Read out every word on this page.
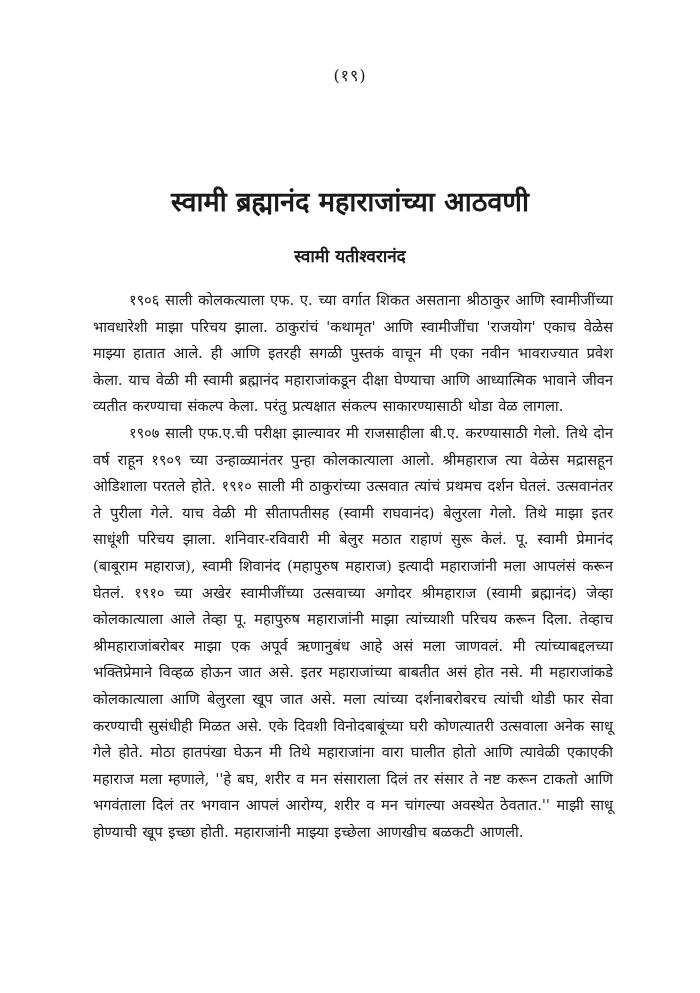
(१९)
स्वामी ब्रह्मानंद महाराजांच्या आठवणी
स्वामी यतीश्वरानंद

१९०६ साली कोलकत्याला एफ. ए. च्या वर्गात शिकत असताना श्रीठाकुर आणि स्वामीजींच्या भावधारेशी माझा परिचय झाला. ठाकुरांचं 'कथामृत' आणि स्वामीजींचा 'राजयोग' एकाच वेळेस माझ्या हातात आले. ही आणि इतरही सगळी पुस्तकं वाचून मी एका नवीन भावराज्यात प्रवेश केला. याच वेळी मी स्वामी ब्रह्मानंद महाराजांकडून दीक्षा घेण्याचा आणि आध्यात्मिक भावाने जीवन व्यतीत करण्याचा संकल्प केला. परंतु प्रत्यक्षात संकल्प साकारण्यासाठी थोडा वेळ लागला.

१९०७ साली एफ.ए.ची परीक्षा झाल्यावर मी राजसाहीला बी.ए. करण्यासाठी गेलो. तिथे दोन वर्ष राहून १९०९ च्या उन्हाळ्यानंतर पुन्हा कोलकात्याला आलो. श्रीमहाराज त्या वेळेस मद्रासहून ओडिशाला परतले होते. १९१० साली मी ठाकुरांच्या उत्सवात त्यांचं प्रथमच दर्शन घेतलं. उत्सवानंतर ते पुरीला गेले. याच वेळी मी सीतापतीसह (स्वामी राघवानंद) बेलुरला गेलो. तिथे माझा इतर साधूंशी परिचय झाला. शनिवार-रविवारी मी बेलुर मठात राहाणं सुरू केलं. पू. स्वामी प्रेमानंद (बाबूराम महाराज), स्वामी शिवानंद (महापुरुष महाराज) इत्यादी महाराजांनी मला आपलंसं करून घेतलं. १९१० च्या अखेर स्वामीजींच्या उत्सवाच्या अगोदर श्रीमहाराज (स्वामी ब्रह्मानंद) जेव्हा कोलकात्याला आले तेव्हा पू. महापुरुष महाराजांनी माझा त्यांच्याशी परिचय करून दिला. तेव्हाच श्रीमहाराजांबरोबर माझा एक अपूर्व ऋणानुबंध आहे असं मला जाणवलं. मी त्यांच्याबद्दलच्या भक्तिप्रेमाने विव्हळ होऊन जात असे. इतर महाराजांच्या बाबतीत असं होत नसे. मी महाराजांकडे कोलकात्याला आणि बेलुरला खूप जात असे. मला त्यांच्या दर्शनाबरोबरच त्यांची थोडी फार सेवा करण्याची सुसंधीही मिळत असे. एके दिवशी विनोदबाबूंच्या घरी कोणत्यातरी उत्सवाला अनेक साधू गेले होते. मोठा हातपंखा घेऊन मी तिथे महाराजांना वारा घालीत होतो आणि त्यावेळी एकाएकी महाराज मला म्हणाले, ''हे बघ, शरीर व मन संसाराला दिलं तर संसार ते नष्ट करून टाकतो आणि भगवंताला दिलं तर भगवान आपलं आरोग्य, शरीर व मन चांगल्या अवस्थेत ठेवतात.'' माझी साधू होण्याची खूप इच्छा होती. महाराजांनी माझ्या इच्छेला आणखीच बळकटी आणली.
